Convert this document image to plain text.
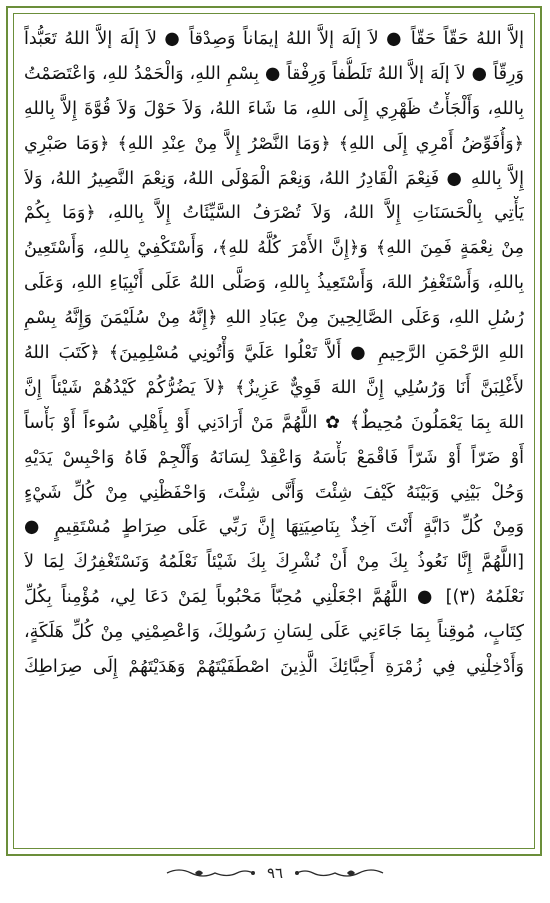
إلاَّ اللهُ حَقّاً حَقّاً ● لاَ إلَهَ إلاَّ اللهُ إيمَاناً وَصِدْقاً ● لاَ إلَهَ إلاَّ اللهُ تَعَبُّداً
وَرِقّاً ● لاَ إلَهَ إلاَّ اللهُ تَلَطُّفاً وَرِفْقاً ● بِسْمِ اللهِ، وَالْحَمْدُ للهِ، وَاعْتَصَمْتُ
بِاللهِ، وَأَلْجَأْتُ ظَهْرِي إِلَى اللهِ، مَا شَاءَ اللهُ، وَلاَ حَوْلَ وَلاَ قُوَّةَ إِلاَّ بِاللهِ
﴿وَأُفَوِّضُ أَمْرِي إِلَى اللهِ﴾ ﴿وَمَا النَّصْرُ إِلاَّ مِنْ عِنْدِ اللهِ﴾ ﴿وَمَا صَبْرِي
إِلاَّ بِاللهِ ● فَنِعْمَ الْقَادِرُ اللهُ، وَنِعْمَ الْمَوْلَى اللهُ، وَنِعْمَ النَّصِيرُ اللهُ، وَلاَ
يَأْتِي بِالْحَسَنَاتِ إِلاَّ اللهُ، وَلاَ تُصْرَفُ السَّيِّئَاتُ إِلاَّ بِاللهِ، ﴿وَمَا بِكُمْ
مِنْ نِعْمَةٍ فَمِنَ اللهِ﴾ وَ﴿إِنَّ الأَمْرَ كُلَّهُ للهِ﴾، وَأَسْتَكْفِيْ بِاللهِ، وَأَسْتَعِينُ
بِاللهِ، وَأَسْتَغْفِرُ اللهَ، وَأَسْتَعِيذُ بِاللهِ، وَصَلَّى اللهُ عَلَى أَنْبِيَاءِ اللهِ، وَعَلَى
رُسُلِ اللهِ، وَعَلَى الصَّالِحِينَ مِنْ عِبَادِ اللهِ ﴿إِنَّهُ مِنْ سُلَيْمَنَ وَإِنَّهُ بِسْمِ
اللهِ الرَّحْمَنِ الرَّحِيمِ ● أَلاَّ تَعْلُوا عَلَيَّ وَأْتُونِي مُسْلِمِينَ﴾ ﴿كَتَبَ اللهُ
لأَغْلِبَنَّ أَنَا وَرُسُلِي إِنَّ اللهَ قَوِيٌّ عَزِيزٌ﴾ ﴿لاَ يَضُرُّكُمْ كَيْدُهُمْ شَيْئاً إِنَّ
اللهَ بِمَا يَعْمَلُونَ مُحِيطٌ﴾ ✿ اللَّهُمَّ مَنْ أَرَادَنِي أَوْ بِأَهْلِي سُوءاً أَوْ بَأْساً
أَوْ ضَرّاً أَوْ شَرّاً فَاقْمَعْ بَأْسَهُ وَاعْقِدْ لِسَانَهُ وَأَلْجِمْ فَاهُ وَاحْبِسْ يَدَيْهِ
وَحُلْ بَيْنِي وَبَيْنَهُ كَيْفَ شِئْتَ وَأَنَّى شِئْتَ، وَاحْفَظْنِي مِنْ كُلِّ شَيْءٍ
وَمِنْ كُلِّ دَابَّةٍ أَنْتَ آخِذٌ بِنَاصِيَتِهَا إِنَّ رَبِّي عَلَى صِرَاطٍ مُسْتَقِيمٍ ●
[اللَّهُمَّ إِنَّا نَعُوذُ بِكَ مِنْ أَنْ نُشْرِكَ بِكَ شَيْئاً نَعْلَمُهُ وَنَسْتَغْفِرُكَ لِمَا لاَ
نَعْلَمُهُ (٣)] ● اللَّهُمَّ اجْعَلْنِي مُحِبّاً مَحْبُوباً لِمَنْ دَعَا لِي، مُؤْمِناً بِكُلِّ
كِتَابٍ، مُوقِناً بِمَا جَاءَنِي عَلَى لِسَانِ رَسُولِكَ، وَاعْصِمْنِي مِنْ كُلِّ هَلَكَةٍ،
وَأَدْخِلْنِي فِي زُمْرَةِ أَحِبَّائِكَ الَّذِينَ اصْطَفَيْتَهُمْ وَهَدَيْتَهُمْ إِلَى صِرَاطِكَ
٩٦
